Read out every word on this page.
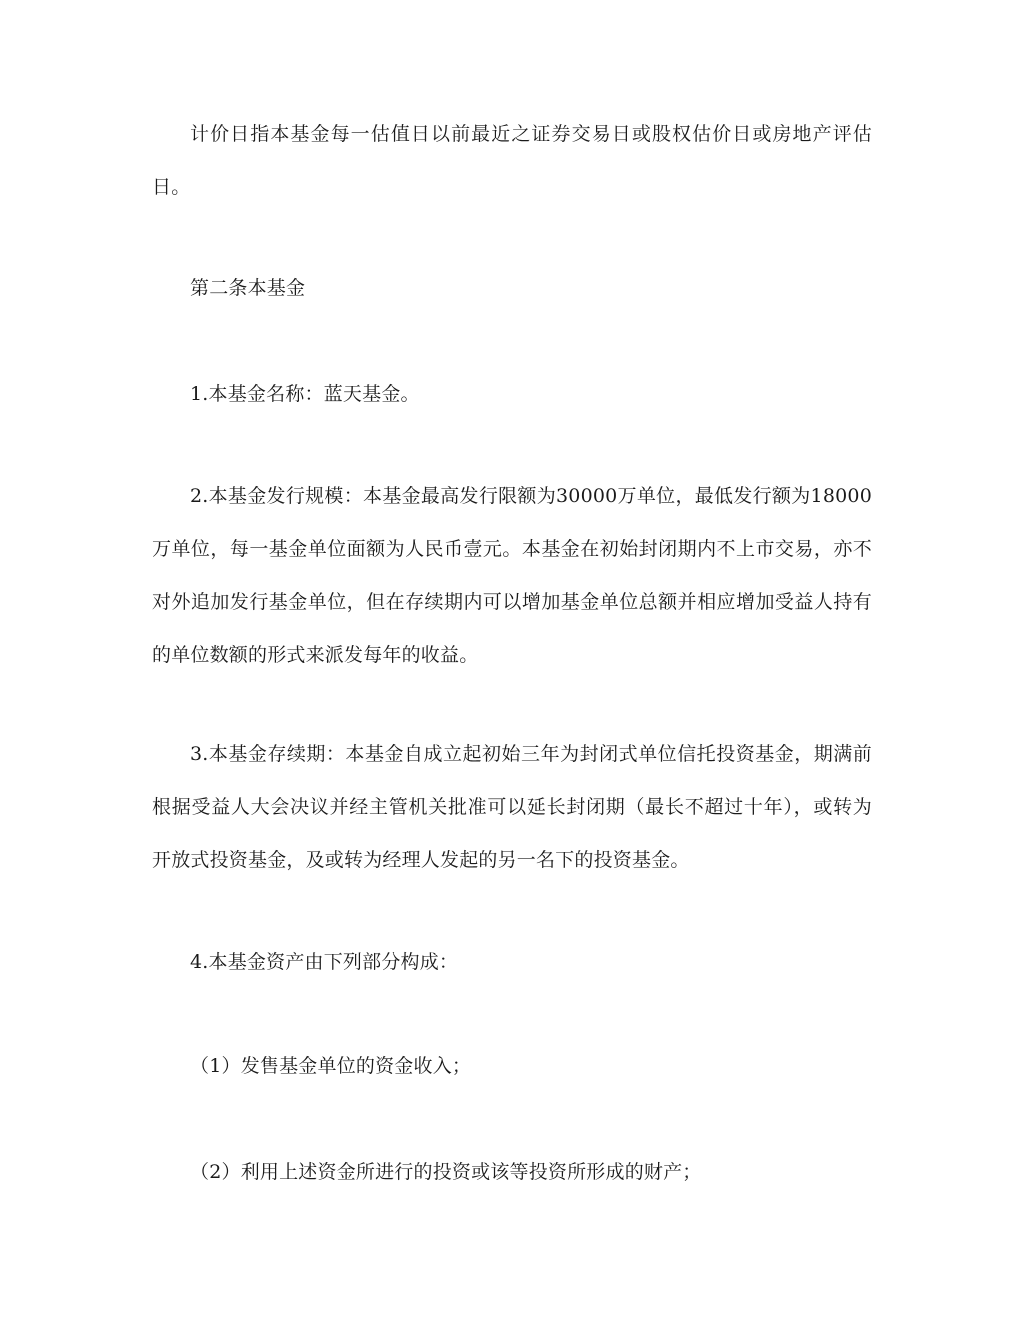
计价日指本基金每一估值日以前最近之证券交易日或股权估价日或房地产评估日。

第二条本基金

1.本基金名称：蓝天基金。

2.本基金发行规模：本基金最高发行限额为30000万单位，最低发行额为18000万单位，每一基金单位面额为人民币壹元。本基金在初始封闭期内不上市交易，亦不对外追加发行基金单位，但在存续期内可以增加基金单位总额并相应增加受益人持有的单位数额的形式来派发每年的收益。

3.本基金存续期：本基金自成立起初始三年为封闭式单位信托投资基金，期满前根据受益人大会决议并经主管机关批准可以延长封闭期（最长不超过十年），或转为开放式投资基金，及或转为经理人发起的另一名下的投资基金。

4.本基金资产由下列部分构成：

（1）发售基金单位的资金收入；

（2）利用上述资金所进行的投资或该等投资所形成的财产；
